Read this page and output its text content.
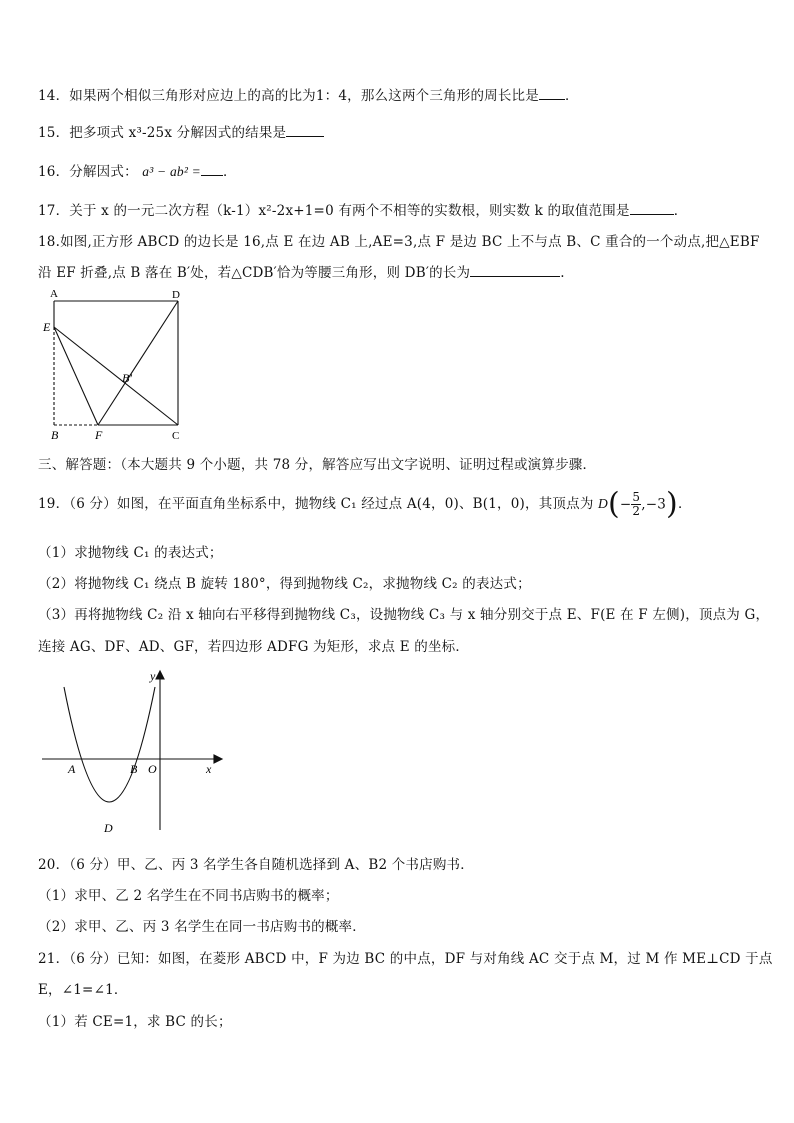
14．如果两个相似三角形对应边上的高的比为1：4，那么这两个三角形的周长比是 ．
15．把多项式 x³-25x 分解因式的结果是
16．分解因式： a³ − ab² = ．
17．关于 x 的一元二次方程（k-1）x²-2x+1=0 有两个不相等的实数根，则实数 k 的取值范围是	．
18.如图,正方形 ABCD 的边长是 16,点 E 在边 AB 上,AE=3,点 F 是边 BC 上不与点 B、C 重合的一个动点,把△EBF
沿 EF 折叠,点 B 落在 B′处，若△CDB′恰为等腰三角形，则 DB′的长为	.
A	D
E
B′
B	F	C
三、解答题：（本大题共 9 个小题，共 78 分，解答应写出文字说明、证明过程或演算步骤．
19．（6 分）如图，在平面直角坐标系中，抛物线 C₁ 经过点 A(4，0)、B(1，0)，其顶点为 $D(- \frac{5}{2} ,-3)$．
（1）求抛物线 C₁ 的表达式；
（2）将抛物线 C₁ 绕点 B 旋转 180°，得到抛物线 C₂，求抛物线 C₂ 的表达式；
（3）再将抛物线 C₂ 沿 x 轴向右平移得到抛物线 C₃，设抛物线 C₃ 与 x 轴分别交于点 E、F(E 在 F 左侧)，顶点为 G，
连接 AG、DF、AD、GF，若四边形 ADFG 为矩形，求点 E 的坐标．
y
x
A	B O
D
20．（6 分）甲、乙、丙 3 名学生各自随机选择到 A、B2 个书店购书．
（1）求甲、乙 2 名学生在不同书店购书的概率；
（2）求甲、乙、丙 3 名学生在同一书店购书的概率．
21．（6 分）已知：如图，在菱形 ABCD 中，F 为边 BC 的中点，DF 与对角线 AC 交于点 M，过 M 作 ME⊥CD 于点
E，∠1=∠1．
（1）若 CE=1，求 BC 的长；
